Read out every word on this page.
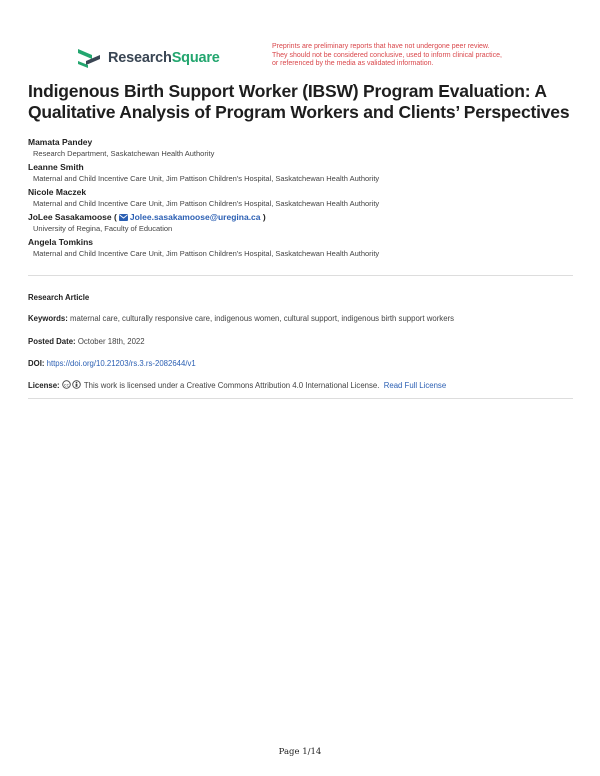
ResearchSquare
Preprints are preliminary reports that have not undergone peer review.
They should not be considered conclusive, used to inform clinical practice,
or referenced by the media as validated information.
Indigenous Birth Support Worker (IBSW) Program Evaluation: A Qualitative Analysis of Program Workers and Clients’ Perspectives
Mamata Pandey
Research Department, Saskatchewan Health Authority
Leanne Smith
Maternal and Child Incentive Care Unit, Jim Pattison Children's Hospital, Saskatchewan Health Authority
Nicole Maczek
Maternal and Child Incentive Care Unit, Jim Pattison Children's Hospital, Saskatchewan Health Authority
JoLee Sasakamoose ( Jolee.sasakamoose@uregina.ca )
University of Regina, Faculty of Education
Angela Tomkins
Maternal and Child Incentive Care Unit, Jim Pattison Children's Hospital, Saskatchewan Health Authority
Research Article
Keywords: maternal care, culturally responsive care, indigenous women, cultural support, indigenous birth support workers
Posted Date: October 18th, 2022
DOI: https://doi.org/10.21203/rs.3.rs-2082644/v1
License: cc This work is licensed under a Creative Commons Attribution 4.0 International License. Read Full License
Page 1/14
